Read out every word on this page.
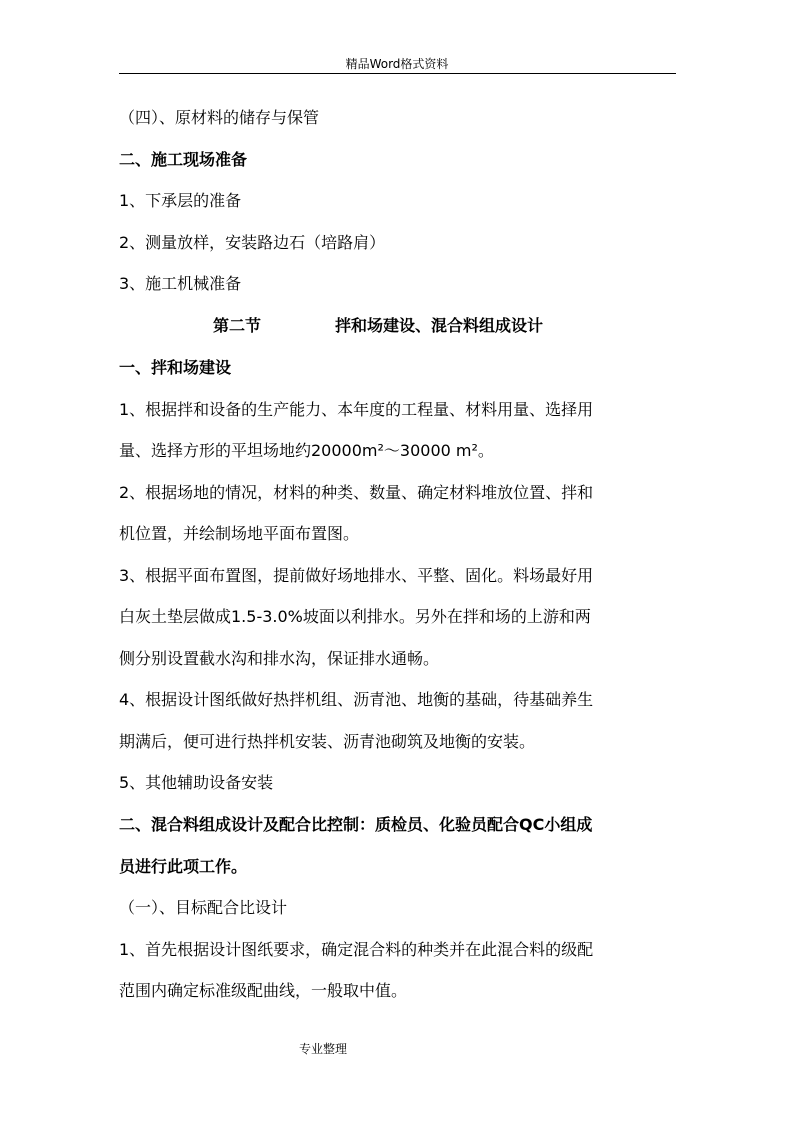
精品Word格式资料
（四）、原材料的储存与保管
二、施工现场准备
1、下承层的准备
2、测量放样，安装路边石（培路肩）
3、施工机械准备
第二节	拌和场建设、混合料组成设计
一、拌和场建设
1、根据拌和设备的生产能力、本年度的工程量、材料用量、选择用
量、选择方形的平坦场地约20000m²～30000 m²。
2、根据场地的情况，材料的种类、数量、确定材料堆放位置、拌和
机位置，并绘制场地平面布置图。
3、根据平面布置图，提前做好场地排水、平整、固化。料场最好用
白灰土垫层做成1.5-3.0%坡面以利排水。另外在拌和场的上游和两
侧分别设置截水沟和排水沟，保证排水通畅。
4、根据设计图纸做好热拌机组、沥青池、地衡的基础，待基础养生
期满后，便可进行热拌机安装、沥青池砌筑及地衡的安装。
5、其他辅助设备安装
二、混合料组成设计及配合比控制：质检员、化验员配合QC小组成
员进行此项工作。
（一）、目标配合比设计
1、首先根据设计图纸要求，确定混合料的种类并在此混合料的级配
范围内确定标准级配曲线，一般取中值。
专业整理
